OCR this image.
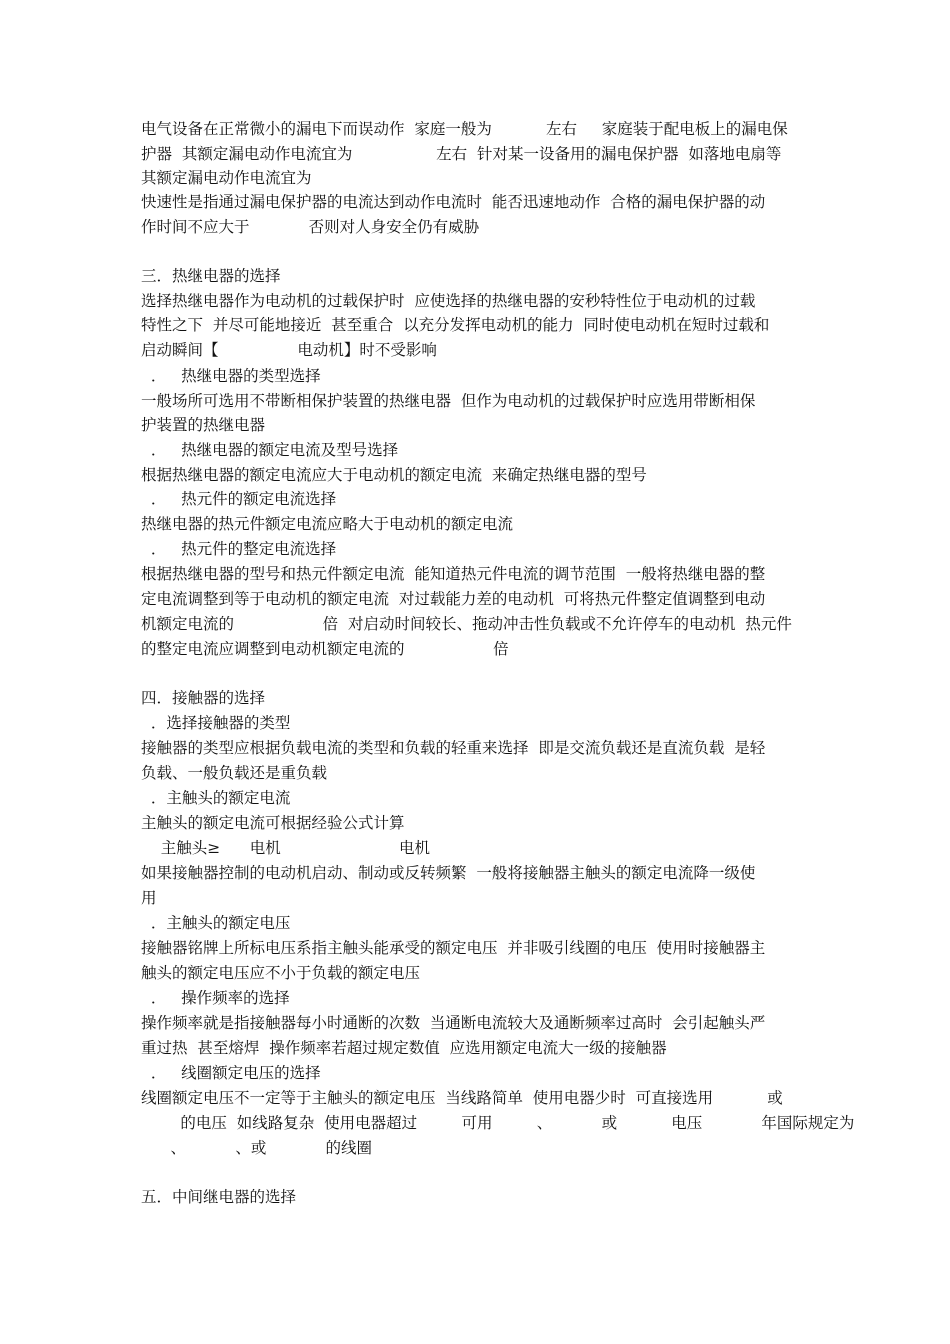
电气设备在正常微小的漏电下而误动作  家庭一般为           左右     家庭装于配电板上的漏电保
护器  其额定漏电动作电流宜为                 左右  针对某一设备用的漏电保护器  如落地电扇等
其额定漏电动作电流宜为
快速性是指通过漏电保护器的电流达到动作电流时  能否迅速地动作  合格的漏电保护器的动
作时间不应大于            否则对人身安全仍有威胁
三．热继电器的选择
选择热继电器作为电动机的过载保护时  应使选择的热继电器的安秒特性位于电动机的过载
特性之下  并尽可能地接近  甚至重合  以充分发挥电动机的能力  同时使电动机在短时过载和
启动瞬间【                电动机】时不受影响
．   热继电器的类型选择
一般场所可选用不带断相保护装置的热继电器  但作为电动机的过载保护时应选用带断相保
护装置的热继电器
．   热继电器的额定电流及型号选择
根据热继电器的额定电流应大于电动机的额定电流  来确定热继电器的型号
．   热元件的额定电流选择
热继电器的热元件额定电流应略大于电动机的额定电流
．   热元件的整定电流选择
根据热继电器的型号和热元件额定电流  能知道热元件电流的调节范围  一般将热继电器的整
定电流调整到等于电动机的额定电流  对过载能力差的电动机  可将热元件整定值调整到电动
机额定电流的                  倍  对启动时间较长、拖动冲击性负载或不允许停车的电动机  热元件
的整定电流应调整到电动机额定电流的                  倍
四．接触器的选择
．选择接触器的类型
接触器的类型应根据负载电流的类型和负载的轻重来选择  即是交流负载还是直流负载  是轻
负载、一般负载还是重负载
．主触头的额定电流
主触头的额定电流可根据经验公式计算
主触头≥      电机                        电机
如果接触器控制的电动机启动、制动或反转频繁  一般将接触器主触头的额定电流降一级使
用
．主触头的额定电压
接触器铭牌上所标电压系指主触头能承受的额定电压  并非吸引线圈的电压  使用时接触器主
触头的额定电压应不小于负载的额定电压
．   操作频率的选择
操作频率就是指接触器每小时通断的次数  当通断电流较大及通断频率过高时  会引起触头严
重过热  甚至熔焊  操作频率若超过规定数值  应选用额定电流大一级的接触器
．   线圈额定电压的选择
线圈额定电压不一定等于主触头的额定电压  当线路简单  使用电器少时  可直接选用           或
的电压  如线路复杂  使用电器超过         可用         、          或           电压            年国际规定为
、          、或            的线圈
五．中间继电器的选择
